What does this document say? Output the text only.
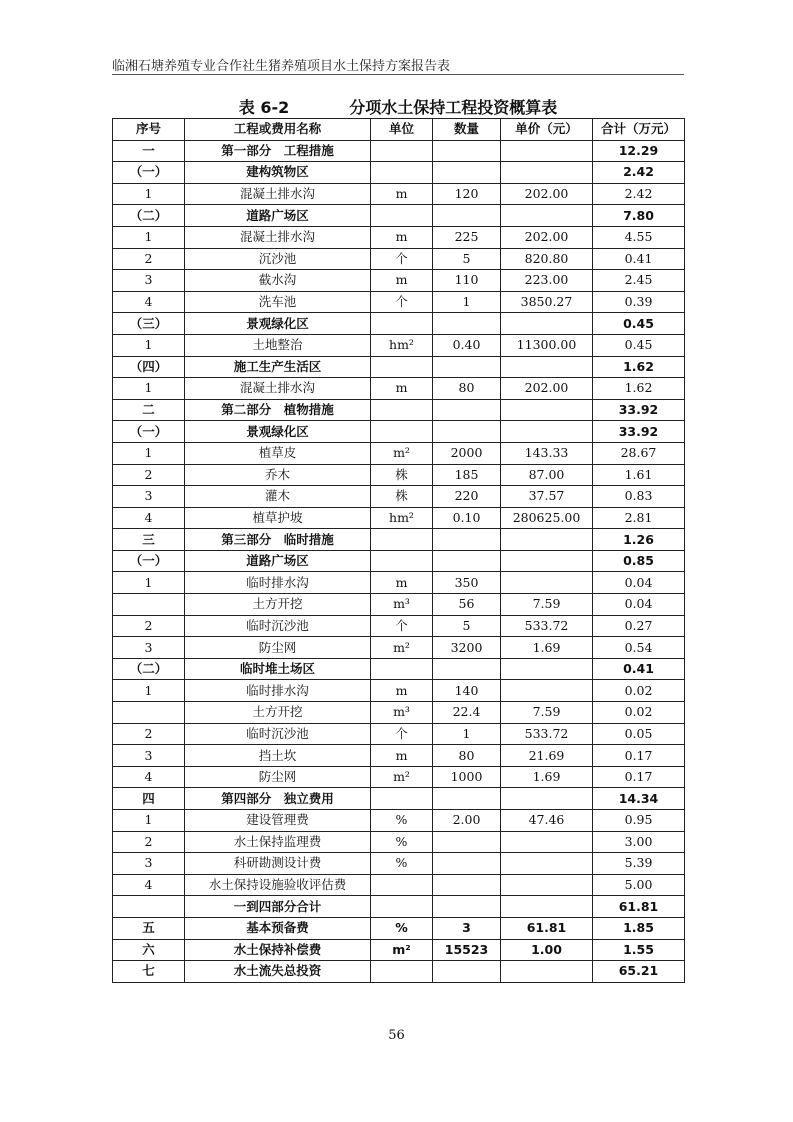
临湘石塘养殖专业合作社生猪养殖项目水土保持方案报告表
表 6-2	分项水土保持工程投资概算表
序号	工程或费用名称	单位	数量	单价（元）	合计（万元）
一	第一部分　工程措施				12.29
（一）	建构筑物区				2.42
1	混凝土排水沟	m	120	202.00	2.42
（二）	道路广场区				7.80
1	混凝土排水沟	m	225	202.00	4.55
2	沉沙池	个	5	820.80	0.41
3	截水沟	m	110	223.00	2.45
4	洗车池	个	1	3850.27	0.39
（三）	景观绿化区				0.45
1	土地整治	hm²	0.40	11300.00	0.45
（四）	施工生产生活区				1.62
1	混凝土排水沟	m	80	202.00	1.62
二	第二部分　植物措施				33.92
（一）	景观绿化区				33.92
1	植草皮	m²	2000	143.33	28.67
2	乔木	株	185	87.00	1.61
3	灌木	株	220	37.57	0.83
4	植草护坡	hm²	0.10	280625.00	2.81
三	第三部分　临时措施				1.26
（一）	道路广场区				0.85
1	临时排水沟	m	350		0.04
	土方开挖	m³	56	7.59	0.04
2	临时沉沙池	个	5	533.72	0.27
3	防尘网	m²	3200	1.69	0.54
（二）	临时堆土场区				0.41
1	临时排水沟	m	140		0.02
	土方开挖	m³	22.4	7.59	0.02
2	临时沉沙池	个	1	533.72	0.05
3	挡土坎	m	80	21.69	0.17
4	防尘网	m²	1000	1.69	0.17
四	第四部分　独立费用				14.34
1	建设管理费	%	2.00	47.46	0.95
2	水土保持监理费	%			3.00
3	科研勘测设计费	%			5.39
4	水土保持设施验收评估费				5.00
	一到四部分合计				61.81
五	基本预备费	%	3	61.81	1.85
六	水土保持补偿费	m²	15523	1.00	1.55
七	水土流失总投资				65.21
56
